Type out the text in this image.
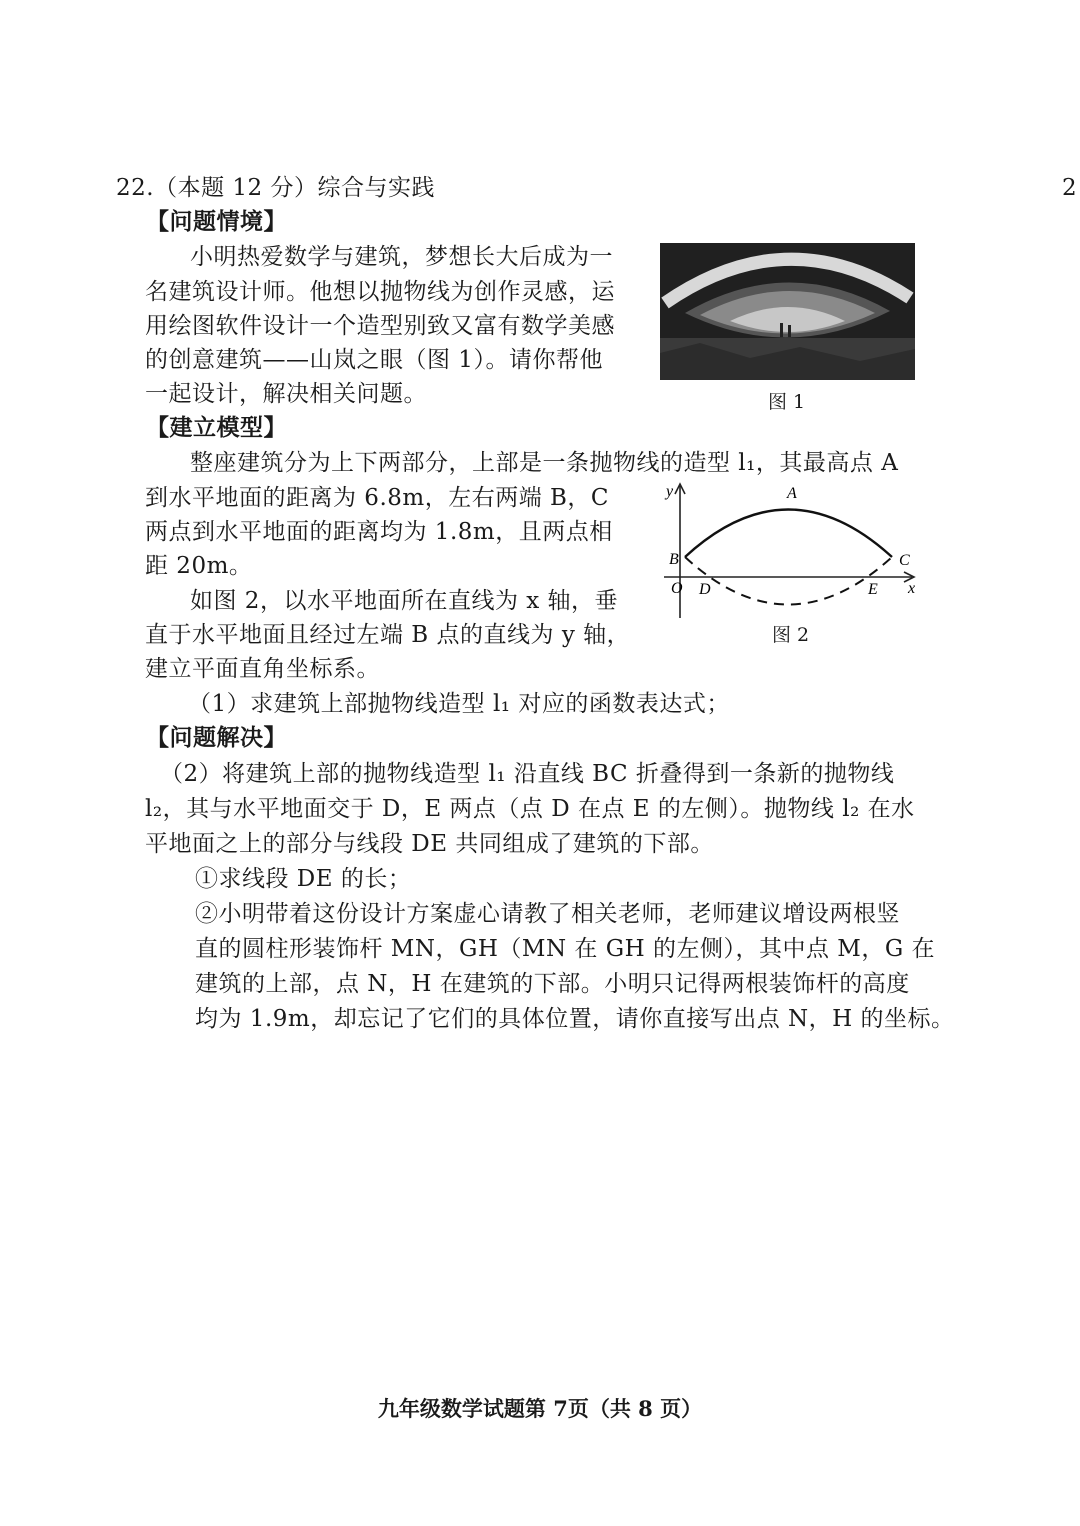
2
22.（本题 12 分）综合与实践
【问题情境】
小明热爱数学与建筑，梦想长大后成为一
名建筑设计师。他想以抛物线为创作灵感，运
用绘图软件设计一个造型别致又富有数学美感
的创意建筑——山岚之眼（图 1）。请你帮他
一起设计，解决相关问题。	图 1
【建立模型】
整座建筑分为上下两部分，上部是一条抛物线的造型 l₁，其最高点 A
到水平地面的距离为 6.8m，左右两端 B，C
两点到水平地面的距离均为 1.8m，且两点相
距 20m。
如图 2，以水平地面所在直线为 x 轴，垂
直于水平地面且经过左端 B 点的直线为 y 轴，
建立平面直角坐标系。
y	A
B	C
O D	E x
图 2
（1）求建筑上部抛物线造型 l₁ 对应的函数表达式；
【问题解决】
（2）将建筑上部的抛物线造型 l₁ 沿直线 BC 折叠得到一条新的抛物线
l₂，其与水平地面交于 D，E 两点（点 D 在点 E 的左侧）。抛物线 l₂ 在水
平地面之上的部分与线段 DE 共同组成了建筑的下部。
①求线段 DE 的长；
②小明带着这份设计方案虚心请教了相关老师，老师建议增设两根竖
直的圆柱形装饰杆 MN，GH（MN 在 GH 的左侧），其中点 M，G 在
建筑的上部，点 N，H 在建筑的下部。小明只记得两根装饰杆的高度
均为 1.9m，却忘记了它们的具体位置，请你直接写出点 N，H 的坐标。
九年级数学试题第 7页（共 8 页）
